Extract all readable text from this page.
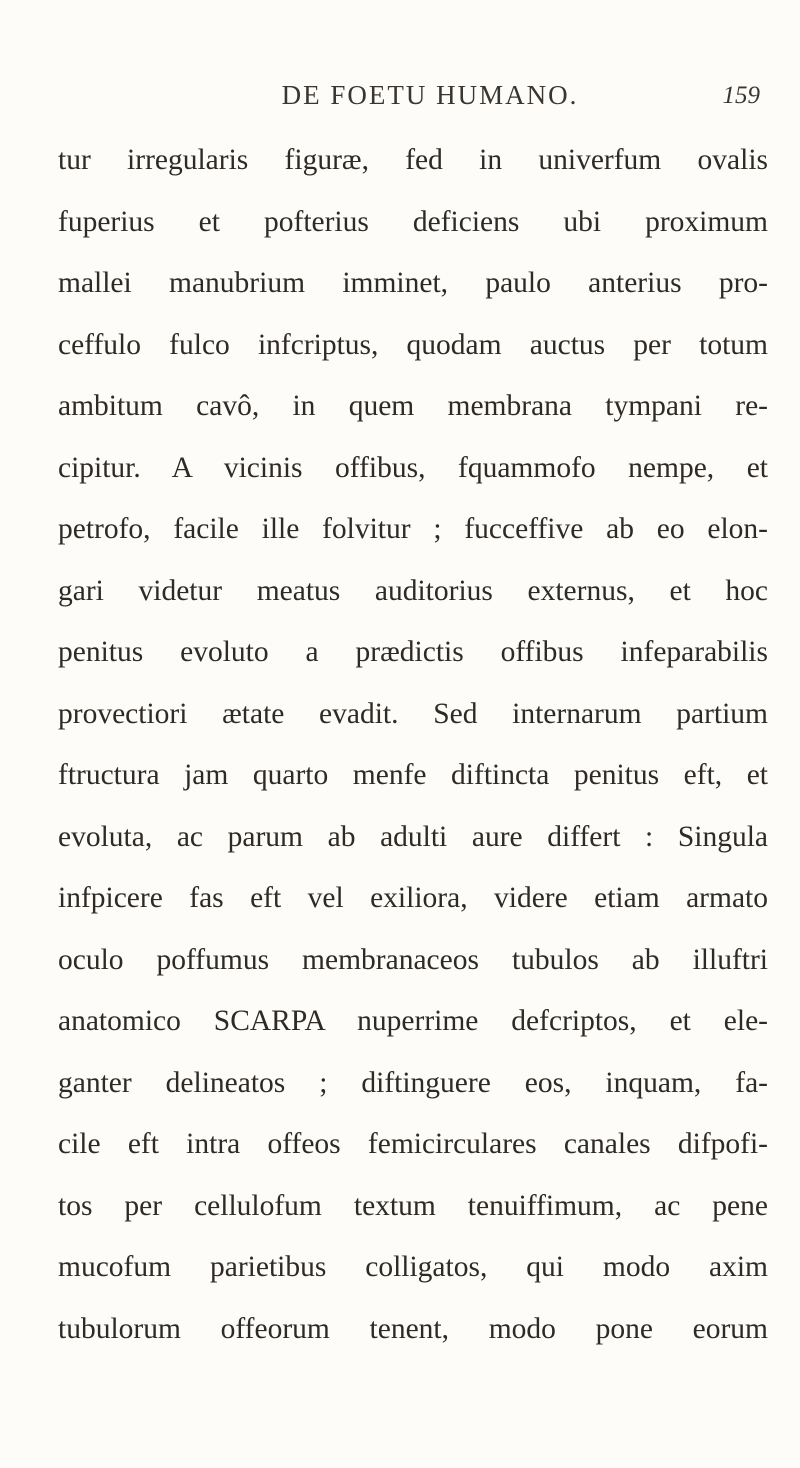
DE FOETU HUMANO.	159
tur irregularis figuræ, fed in univerfum ovalis
fuperius et pofterius deficiens ubi proximum
mallei manubrium imminet, paulo anterius pro-
ceffulo fulco infcriptus, quodam auctus per totum
ambitum cavô, in quem membrana tympani re-
cipitur. A vicinis offibus, fquammofo nempe, et
petrofo, facile ille folvitur ; fucceffive ab eo elon-
gari videtur meatus auditorius externus, et hoc
penitus evoluto a prædictis offibus infeparabilis
provectiori ætate evadit. Sed internarum partium
ftructura jam quarto menfe diftincta penitus eft, et
evoluta, ac parum ab adulti aure differt : Singula
infpicere fas eft vel exiliora, videre etiam armato
oculo poffumus membranaceos tubulos ab illuftri
anatomico SCARPA nuperrime defcriptos, et ele-
ganter delineatos ; diftinguere eos, inquam, fa-
cile eft intra offeos femicirculares canales difpofi-
tos per cellulofum textum tenuiffimum, ac pene
mucofum parietibus colligatos, qui modo axim
tubulorum offeorum tenent, modo pone eorum
